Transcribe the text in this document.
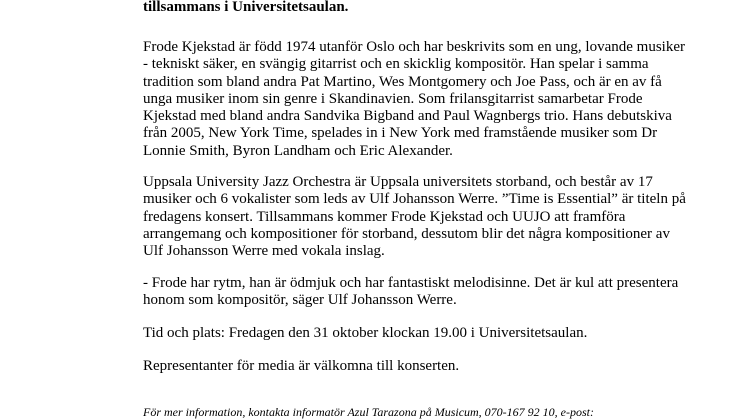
tillsammans i Universitetsaulan.

Frode Kjekstad är född 1974 utanför Oslo och har beskrivits som en ung, lovande musiker
- tekniskt säker, en svängig gitarrist och en skicklig kompositör. Han spelar i samma
tradition som bland andra Pat Martino, Wes Montgomery och Joe Pass, och är en av få
unga musiker inom sin genre i Skandinavien. Som frilansgitarrist samarbetar Frode
Kjekstad med bland andra Sandvika Bigband and Paul Wagnbergs trio. Hans debutskiva
från 2005, New York Time, spelades in i New York med framstående musiker som Dr
Lonnie Smith, Byron Landham och Eric Alexander.

Uppsala University Jazz Orchestra är Uppsala universitets storband, och består av 17
musiker och 6 vokalister som leds av Ulf Johansson Werre. ”Time is Essential” är titeln på
fredagens konsert. Tillsammans kommer Frode Kjekstad och UUJO att framföra
arrangemang och kompositioner för storband, dessutom blir det några kompositioner av
Ulf Johansson Werre med vokala inslag.

- Frode har rytm, han är ödmjuk och har fantastiskt melodisinne. Det är kul att presentera
honom som kompositör, säger Ulf Johansson Werre.

Tid och plats: Fredagen den 31 oktober klockan 19.00 i Universitetsaulan.

Representanter för media är välkomna till konserten.

För mer information, kontakta informatör Azul Tarazona på Musicum, 070-167 92 10, e-post:
